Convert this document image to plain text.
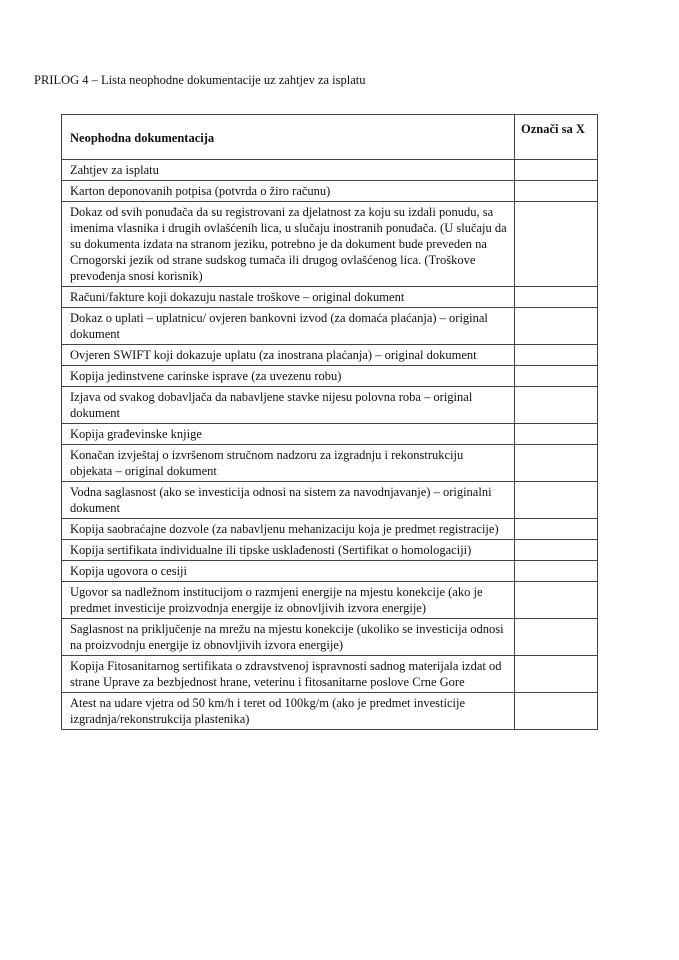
PRILOG 4 – Lista neophodne dokumentacije uz zahtjev za isplatu
Neophodna dokumentacija	Označi sa X
Zahtjev za isplatu	
Karton deponovanih potpisa (potvrda o žiro računu)	
Dokaz od svih ponuđača da su registrovani za djelatnost za koju su izdali ponudu, sa imenima vlasnika i drugih ovlašćenih lica, u slučaju inostranih ponuđača. (U slučaju da su dokumenta izdata na stranom jeziku, potrebno je da dokument bude preveden na Crnogorski jezik od strane sudskog tumača ili drugog ovlašćenog lica. (Troškove prevođenja snosi korisnik)	
Računi/fakture koji dokazuju nastale troškove – original dokument	
Dokaz o uplati – uplatnicu/ ovjeren bankovni izvod (za domaća plaćanja) – original dokument	
Ovjeren SWIFT koji dokazuje uplatu (za inostrana plaćanja) – original dokument	
Kopija jedinstvene carinske isprave (za uvezenu robu)	
Izjava od svakog dobavljača da nabavljene stavke nijesu polovna roba – original dokument	
Kopija građevinske knjige	
Konačan izvještaj o izvršenom stručnom nadzoru za izgradnju i rekonstrukciju objekata – original dokument	
Vodna saglasnost (ako se investicija odnosi na sistem za navodnjavanje) – originalni dokument	
Kopija saobraćajne dozvole (za nabavljenu mehanizaciju koja je predmet registracije)	
Kopija sertifikata individualne ili tipske usklađenosti (Sertifikat o homologaciji)	
Kopija ugovora o cesiji	
Ugovor sa nadležnom institucijom o razmjeni energije na mjestu konekcije (ako je predmet investicije proizvodnja energije iz obnovljivih izvora energije)	
Saglasnost na priključenje na mrežu na mjestu konekcije (ukoliko se investicija odnosi na proizvodnju energije iz obnovljivih izvora energije)	
Kopija Fitosanitarnog sertifikata o zdravstvenoj ispravnosti sadnog materijala izdat od strane Uprave za bezbjednost hrane, veterinu i fitosanitarne poslove Crne Gore	
Atest na udare vjetra od 50 km/h i teret od 100kg/m (ako je predmet investicije izgradnja/rekonstrukcija plastenika)	
